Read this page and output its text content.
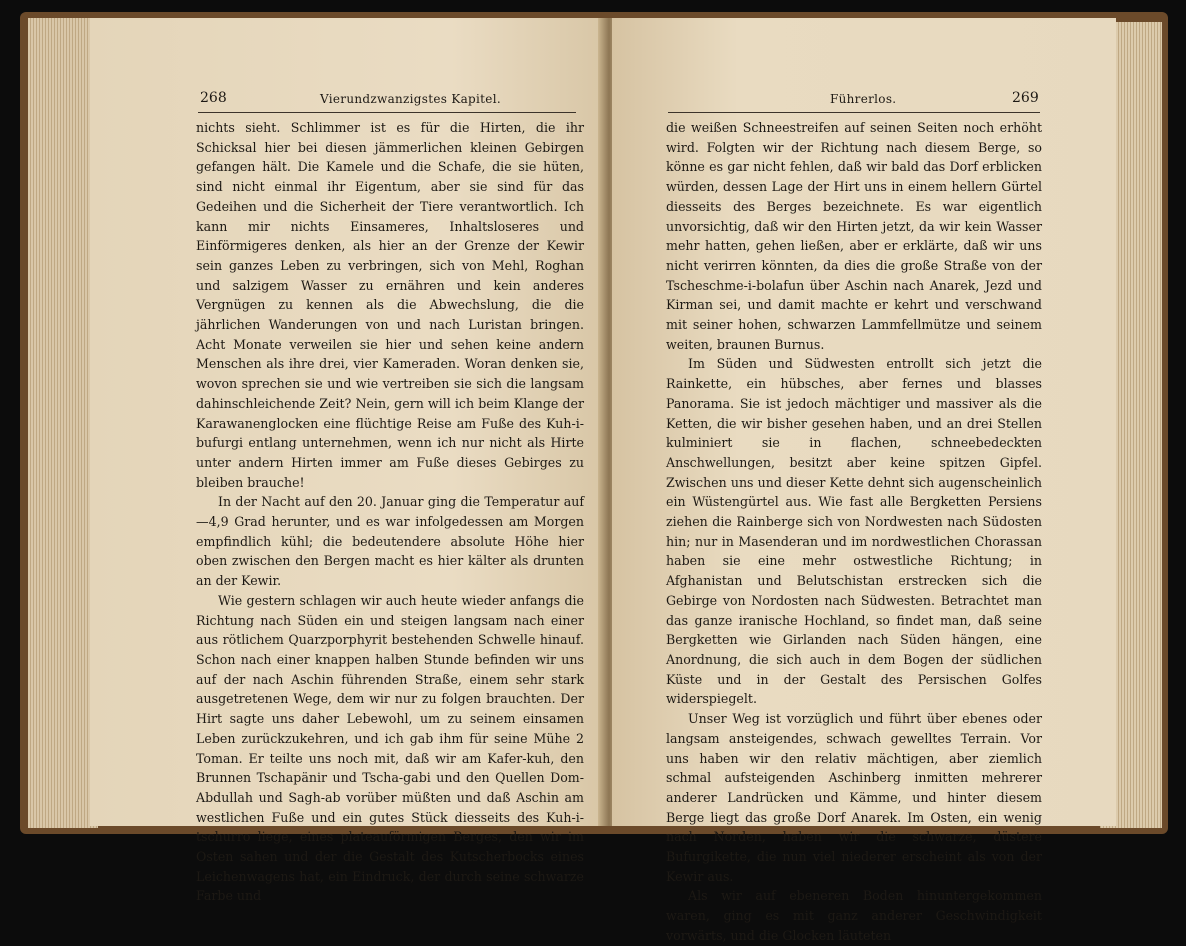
268	Vierundzwanzigstes Kapitel.

nichts sieht. Schlimmer ist es für die Hirten, die ihr Schicksal hier bei diesen jämmerlichen kleinen Gebirgen gefangen hält. Die Kamele und die Schafe, die sie hüten, sind nicht einmal ihr Eigentum, aber sie sind für das Gedeihen und die Sicherheit der Tiere verantwortlich. Ich kann mir nichts Einsameres, Inhaltsloseres und Einförmigeres denken, als hier an der Grenze der Kewir sein ganzes Leben zu verbringen, sich von Mehl, Roghan und salzigem Wasser zu ernähren und kein anderes Vergnügen zu kennen als die Abwechslung, die die jährlichen Wanderungen von und nach Luristan bringen. Acht Monate verweilen sie hier und sehen keine andern Menschen als ihre drei, vier Kameraden. Woran denken sie, wovon sprechen sie und wie vertreiben sie sich die langsam dahinschleichende Zeit? Nein, gern will ich beim Klange der Karawanenglocken eine flüchtige Reise am Fuße des Kuh-i-bufurgi entlang unternehmen, wenn ich nur nicht als Hirte unter andern Hirten immer am Fuße dieses Gebirges zu bleiben brauche!

In der Nacht auf den 20. Januar ging die Temperatur auf —4,9 Grad herunter, und es war infolgedessen am Morgen empfindlich kühl; die bedeutendere absolute Höhe hier oben zwischen den Bergen macht es hier kälter als drunten an der Kewir.

Wie gestern schlagen wir auch heute wieder anfangs die Richtung nach Süden ein und steigen langsam nach einer aus rötlichem Quarzporphyrit bestehenden Schwelle hinauf. Schon nach einer knappen halben Stunde befinden wir uns auf der nach Aschin führenden Straße, einem sehr stark ausgetretenen Wege, dem wir nur zu folgen brauchten. Der Hirt sagte uns daher Lebewohl, um zu seinem einsamen Leben zurückzukehren, und ich gab ihm für seine Mühe 2 Toman. Er teilte uns noch mit, daß wir am Kafer-kuh, den Brunnen Tschapänir und Tscha-gabi und den Quellen Dom-Abdullah und Sagh-ab vorüber müßten und daß Aschin am westlichen Fuße und ein gutes Stück diesseits des Kuh-i-tschurro liege, eines plateauförmigen Berges, den wir im Osten sahen und der die Gestalt des Kutscherbocks eines Leichenwagens hat, ein Eindruck, der durch seine schwarze Farbe und

Führerlos.	269

die weißen Schneestreifen auf seinen Seiten noch erhöht wird. Folgten wir der Richtung nach diesem Berge, so könne es gar nicht fehlen, daß wir bald das Dorf erblicken würden, dessen Lage der Hirt uns in einem hellern Gürtel diesseits des Berges bezeichnete. Es war eigentlich unvorsichtig, daß wir den Hirten jetzt, da wir kein Wasser mehr hatten, gehen ließen, aber er erklärte, daß wir uns nicht verirren könnten, da dies die große Straße von der Tscheschme-i-bolafun über Aschin nach Anarek, Jezd und Kirman sei, und damit machte er kehrt und verschwand mit seiner hohen, schwarzen Lammfellmütze und seinem weiten, braunen Burnus.

Im Süden und Südwesten entrollt sich jetzt die Rainkette, ein hübsches, aber fernes und blasses Panorama. Sie ist jedoch mächtiger und massiver als die Ketten, die wir bisher gesehen haben, und an drei Stellen kulminiert sie in flachen, schneebedeckten Anschwellungen, besitzt aber keine spitzen Gipfel. Zwischen uns und dieser Kette dehnt sich augenscheinlich ein Wüstengürtel aus. Wie fast alle Bergketten Persiens ziehen die Rainberge sich von Nordwesten nach Südosten hin; nur in Masenderan und im nordwestlichen Chorassan haben sie eine mehr ostwestliche Richtung; in Afghanistan und Belutschistan erstrecken sich die Gebirge von Nordosten nach Südwesten. Betrachtet man das ganze iranische Hochland, so findet man, daß seine Bergketten wie Girlanden nach Süden hängen, eine Anordnung, die sich auch in dem Bogen der südlichen Küste und in der Gestalt des Persischen Golfes widerspiegelt.

Unser Weg ist vorzüglich und führt über ebenes oder langsam ansteigendes, schwach gewelltes Terrain. Vor uns haben wir den relativ mächtigen, aber ziemlich schmal aufsteigenden Aschinberg inmitten mehrerer anderer Landrücken und Kämme, und hinter diesem Berge liegt das große Dorf Anarek. Im Osten, ein wenig nach Norden, haben wir die schwarze, düstere Bufurgikette, die nun viel niederer erscheint als von der Kewir aus.

Als wir auf ebeneren Boden hinuntergekommen waren, ging es mit ganz anderer Geschwindigkeit vorwärts, und die Glocken läuteten
